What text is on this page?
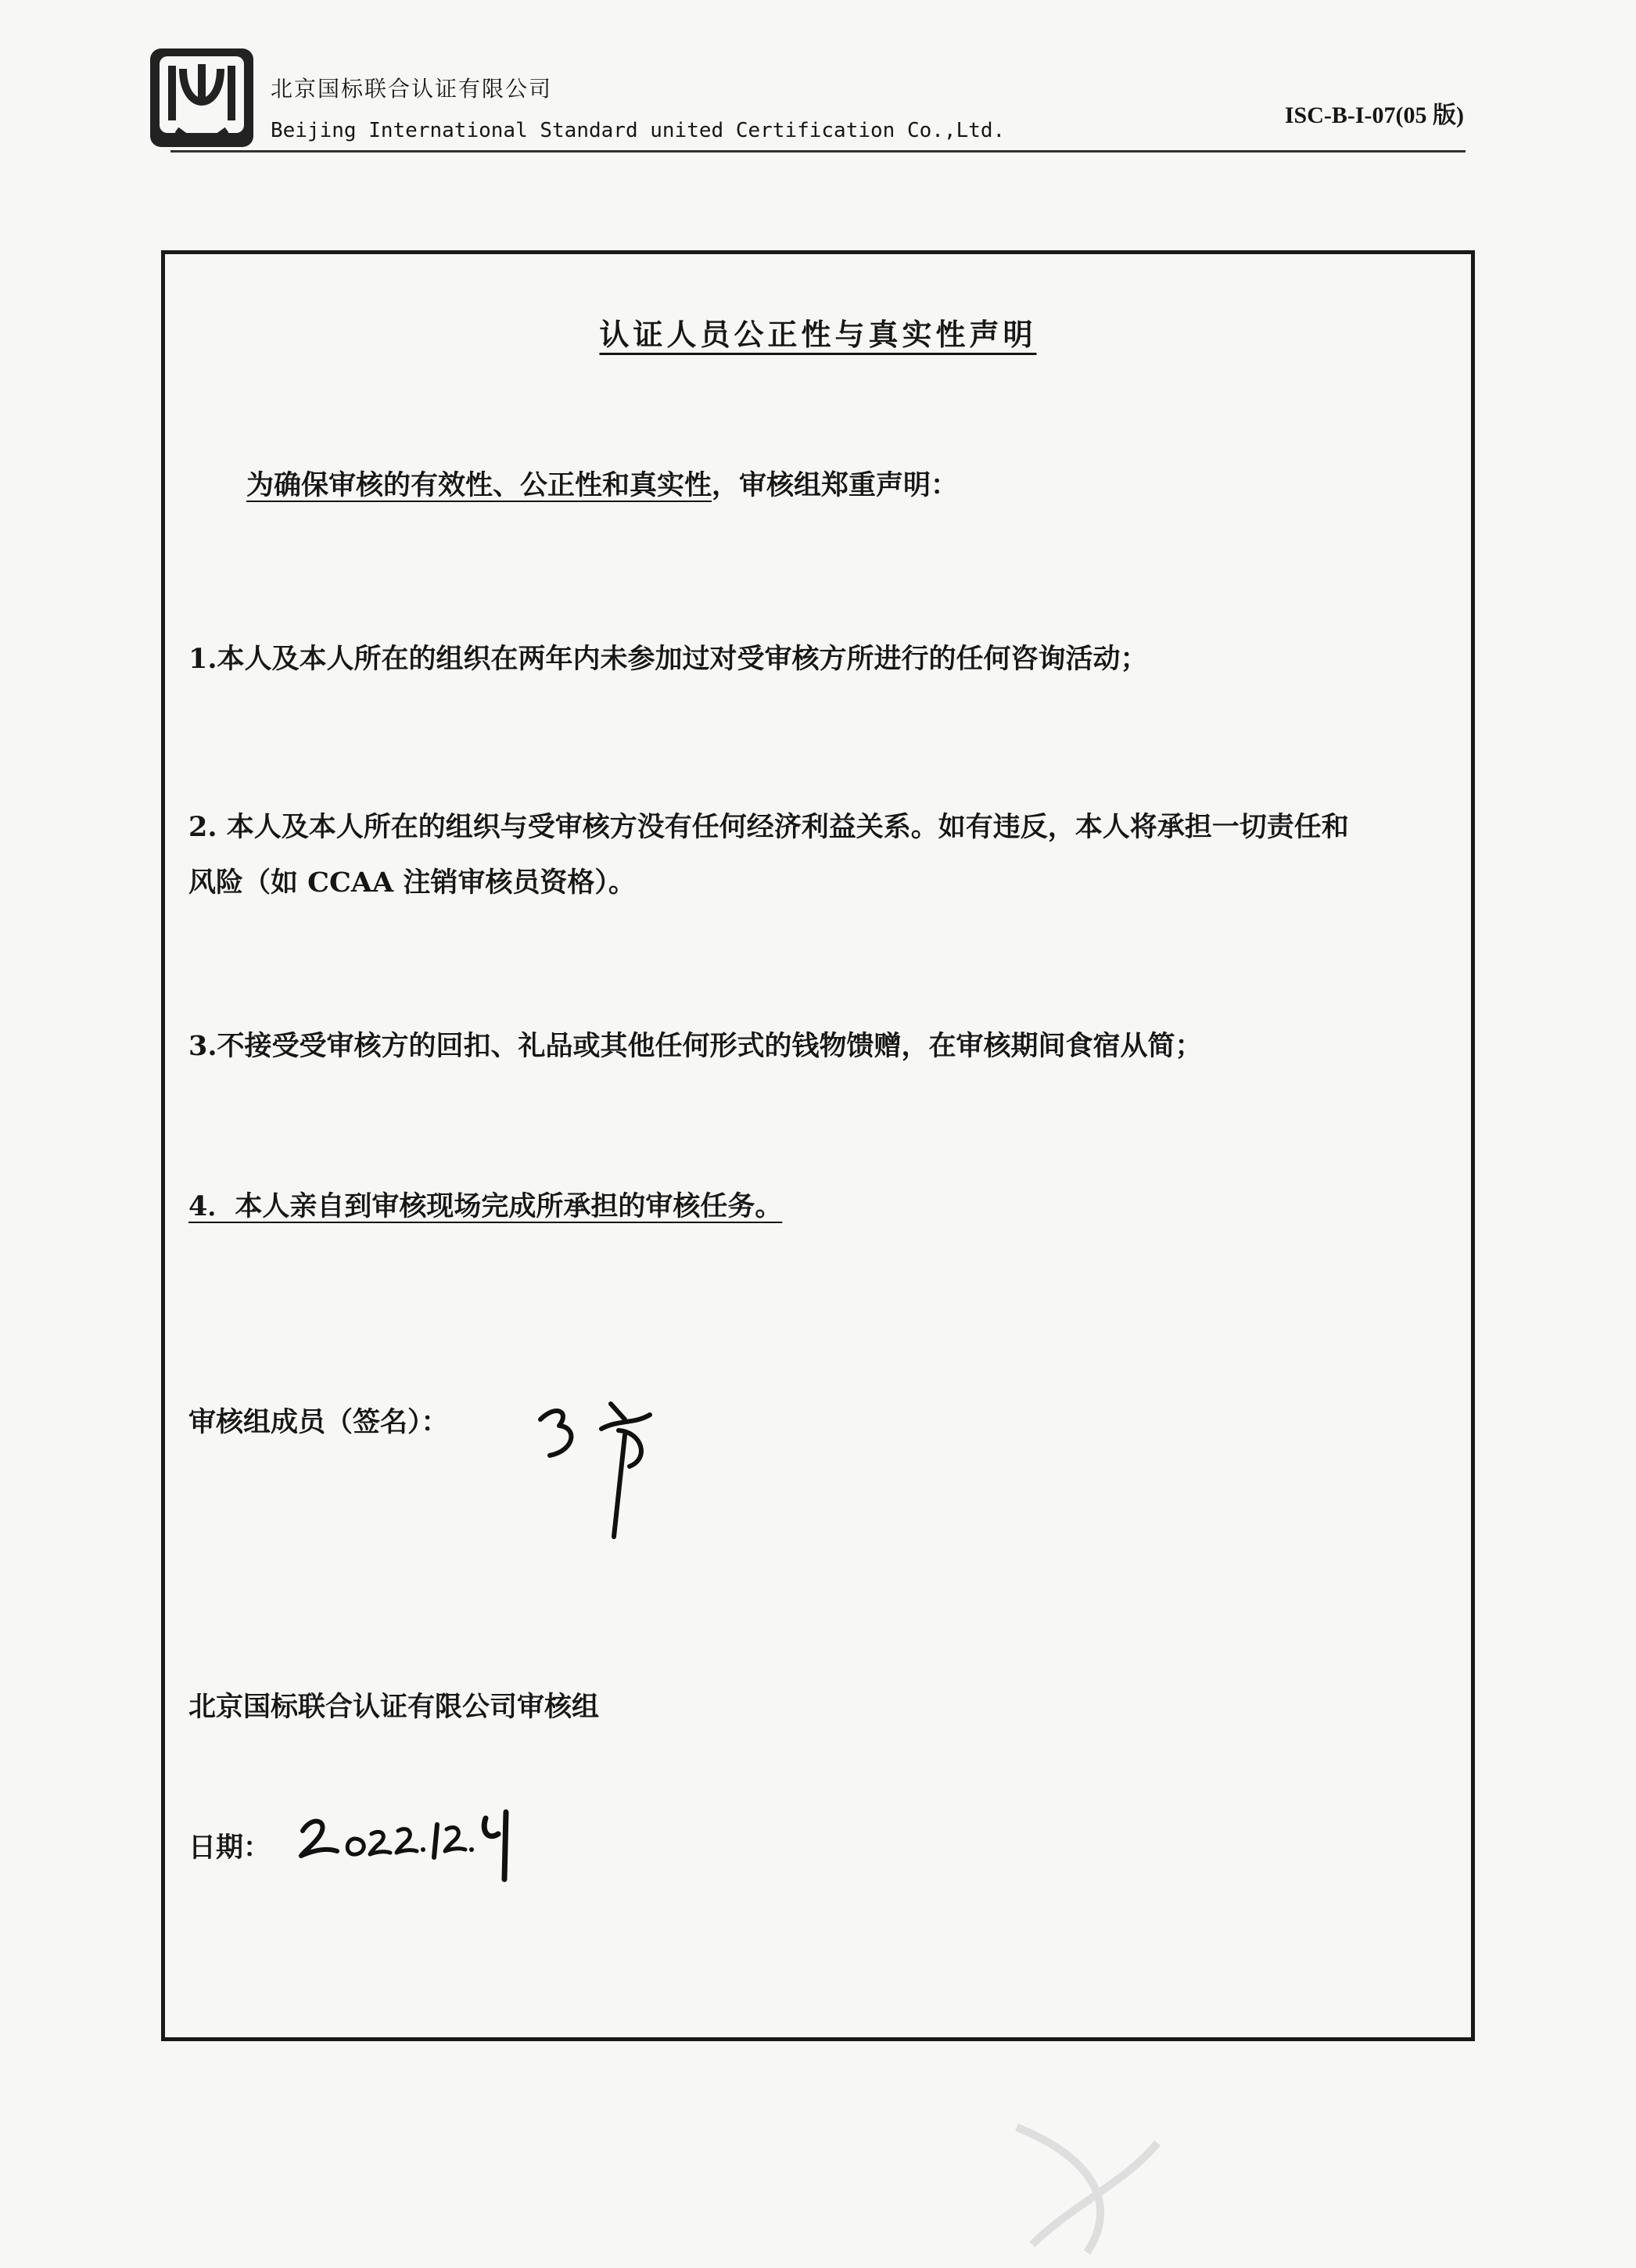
北京国标联合认证有限公司
Beijing International Standard united Certification Co.,Ltd.
ISC-B-I-07(05 版)
认证人员公正性与真实性声明
为确保审核的有效性、公正性和真实性，审核组郑重声明：
1.本人及本人所在的组织在两年内未参加过对受审核方所进行的任何咨询活动；
2. 本人及本人所在的组织与受审核方没有任何经济利益关系。如有违反，本人将承担一切责任和
风险（如 CCAA 注销审核员资格）。
3.不接受受审核方的回扣、礼品或其他任何形式的钱物馈赠，在审核期间食宿从简；
4．本人亲自到审核现场完成所承担的审核任务。
审核组成员（签名）：
北京国标联合认证有限公司审核组
日期：
